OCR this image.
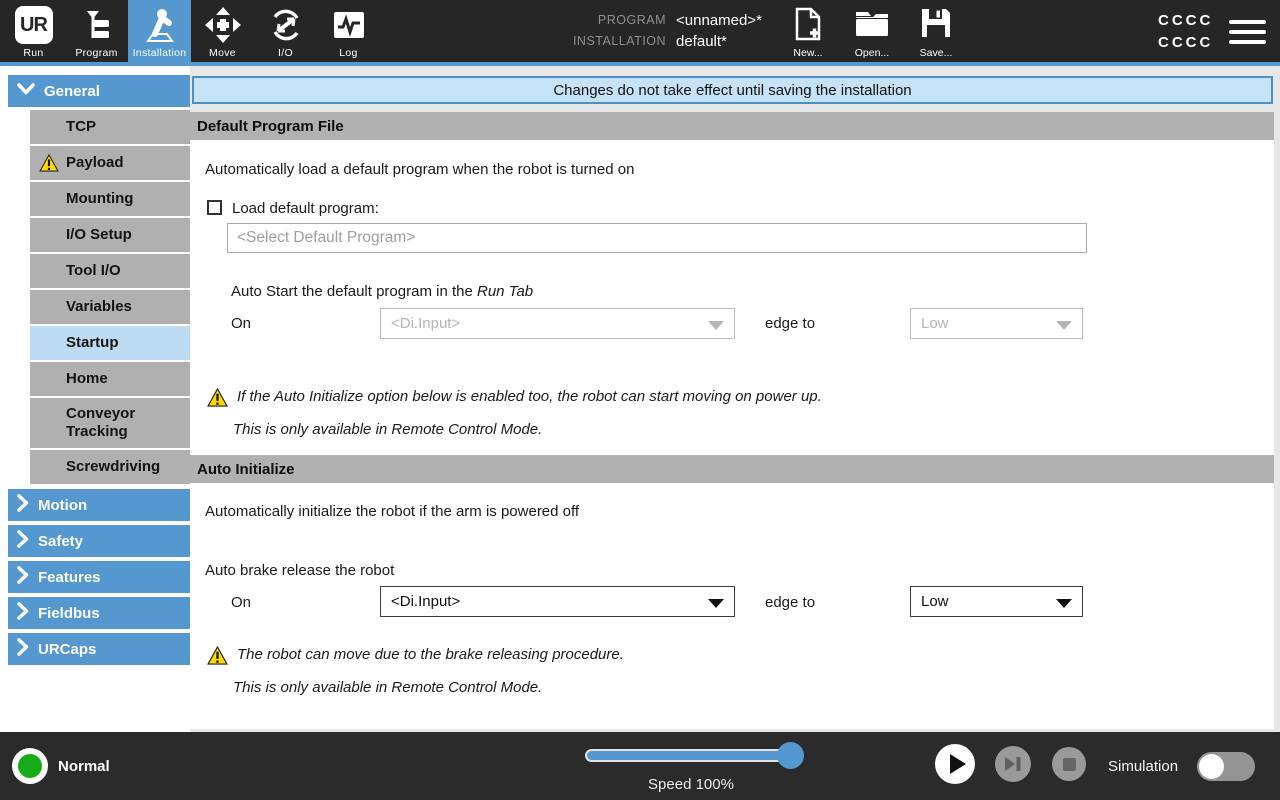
UR
Run	Program Installation Move	I/O	Log
PROGRAM <unnamed>*
INSTALLATION default*
New...	Open...	Save...
CCCC
CCCC
General
TCP
Payload
Mounting
I/O Setup
Tool I/O
Variables
Startup
Home
Conveyor Tracking
Screwdriving
Motion
Safety
Features
Fieldbus
URCaps
Changes do not take effect until saving the installation
Default Program File
Automatically load a default program when the robot is turned on
Load default program:
<Select Default Program>
Auto Start the default program in the Run Tab
On	<Di.Input>	edge to	Low
If the Auto Initialize option below is enabled too, the robot can start moving on power up.
This is only available in Remote Control Mode.
Auto Initialize
Automatically initialize the robot if the arm is powered off
Auto brake release the robot
On	<Di.Input>	edge to	Low
The robot can move due to the brake releasing procedure.
This is only available in Remote Control Mode.
Normal
Speed 100%
Simulation
